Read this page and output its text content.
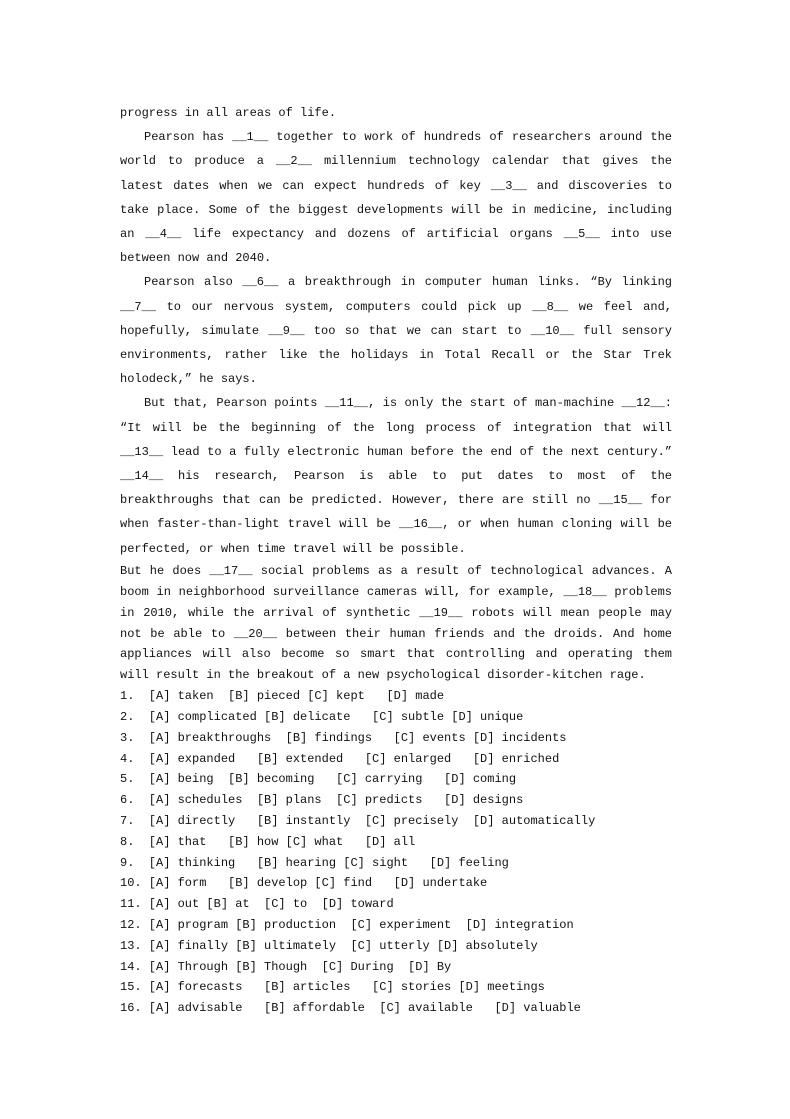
progress in all areas of life.

Pearson has __1__ together to work of hundreds of researchers around the world to produce a __2__ millennium technology calendar that gives the latest dates when we can expect hundreds of key __3__ and discoveries to take place. Some of the biggest developments will be in medicine, including an __4__ life expectancy and dozens of artificial organs __5__ into use between now and 2040.

Pearson also __6__ a breakthrough in computer human links. “By linking __7__ to our nervous system, computers could pick up __8__ we feel and, hopefully, simulate __9__ too so that we can start to __10__ full sensory environments, rather like the holidays in Total Recall or the Star Trek holodeck,” he says.

But that, Pearson points __11__, is only the start of man-machine __12__: “It will be the beginning of the long process of integration that will __13__ lead to a fully electronic human before the end of the next century.” __14__ his research, Pearson is able to put dates to most of the breakthroughs that can be predicted. However, there are still no __15__ for when faster-than-light travel will be __16__, or when human cloning will be perfected, or when time travel will be possible.

But he does __17__ social problems as a result of technological advances. A boom in neighborhood surveillance cameras will, for example, __18__ problems in 2010, while the arrival of synthetic __19__ robots will mean people may not be able to __20__ between their human friends and the droids. And home appliances will also become so smart that controlling and operating them will result in the breakout of a new psychological disorder-kitchen rage.

1.  [A] taken  [B] pieced [C] kept   [D] made
2.  [A] complicated [B] delicate   [C] subtle [D] unique
3.  [A] breakthroughs  [B] findings   [C] events [D] incidents
4.  [A] expanded   [B] extended   [C] enlarged   [D] enriched
5.  [A] being  [B] becoming   [C] carrying   [D] coming
6.  [A] schedules  [B] plans  [C] predicts   [D] designs
7.  [A] directly   [B] instantly  [C] precisely  [D] automatically
8.  [A] that   [B] how [C] what   [D] all
9.  [A] thinking   [B] hearing [C] sight   [D] feeling
10. [A] form   [B] develop [C] find   [D] undertake
11. [A] out [B] at  [C] to  [D] toward
12. [A] program [B] production  [C] experiment  [D] integration
13. [A] finally [B] ultimately  [C] utterly [D] absolutely
14. [A] Through [B] Though  [C] During  [D] By
15. [A] forecasts   [B] articles   [C] stories [D] meetings
16. [A] advisable   [B] affordable  [C] available   [D] valuable
